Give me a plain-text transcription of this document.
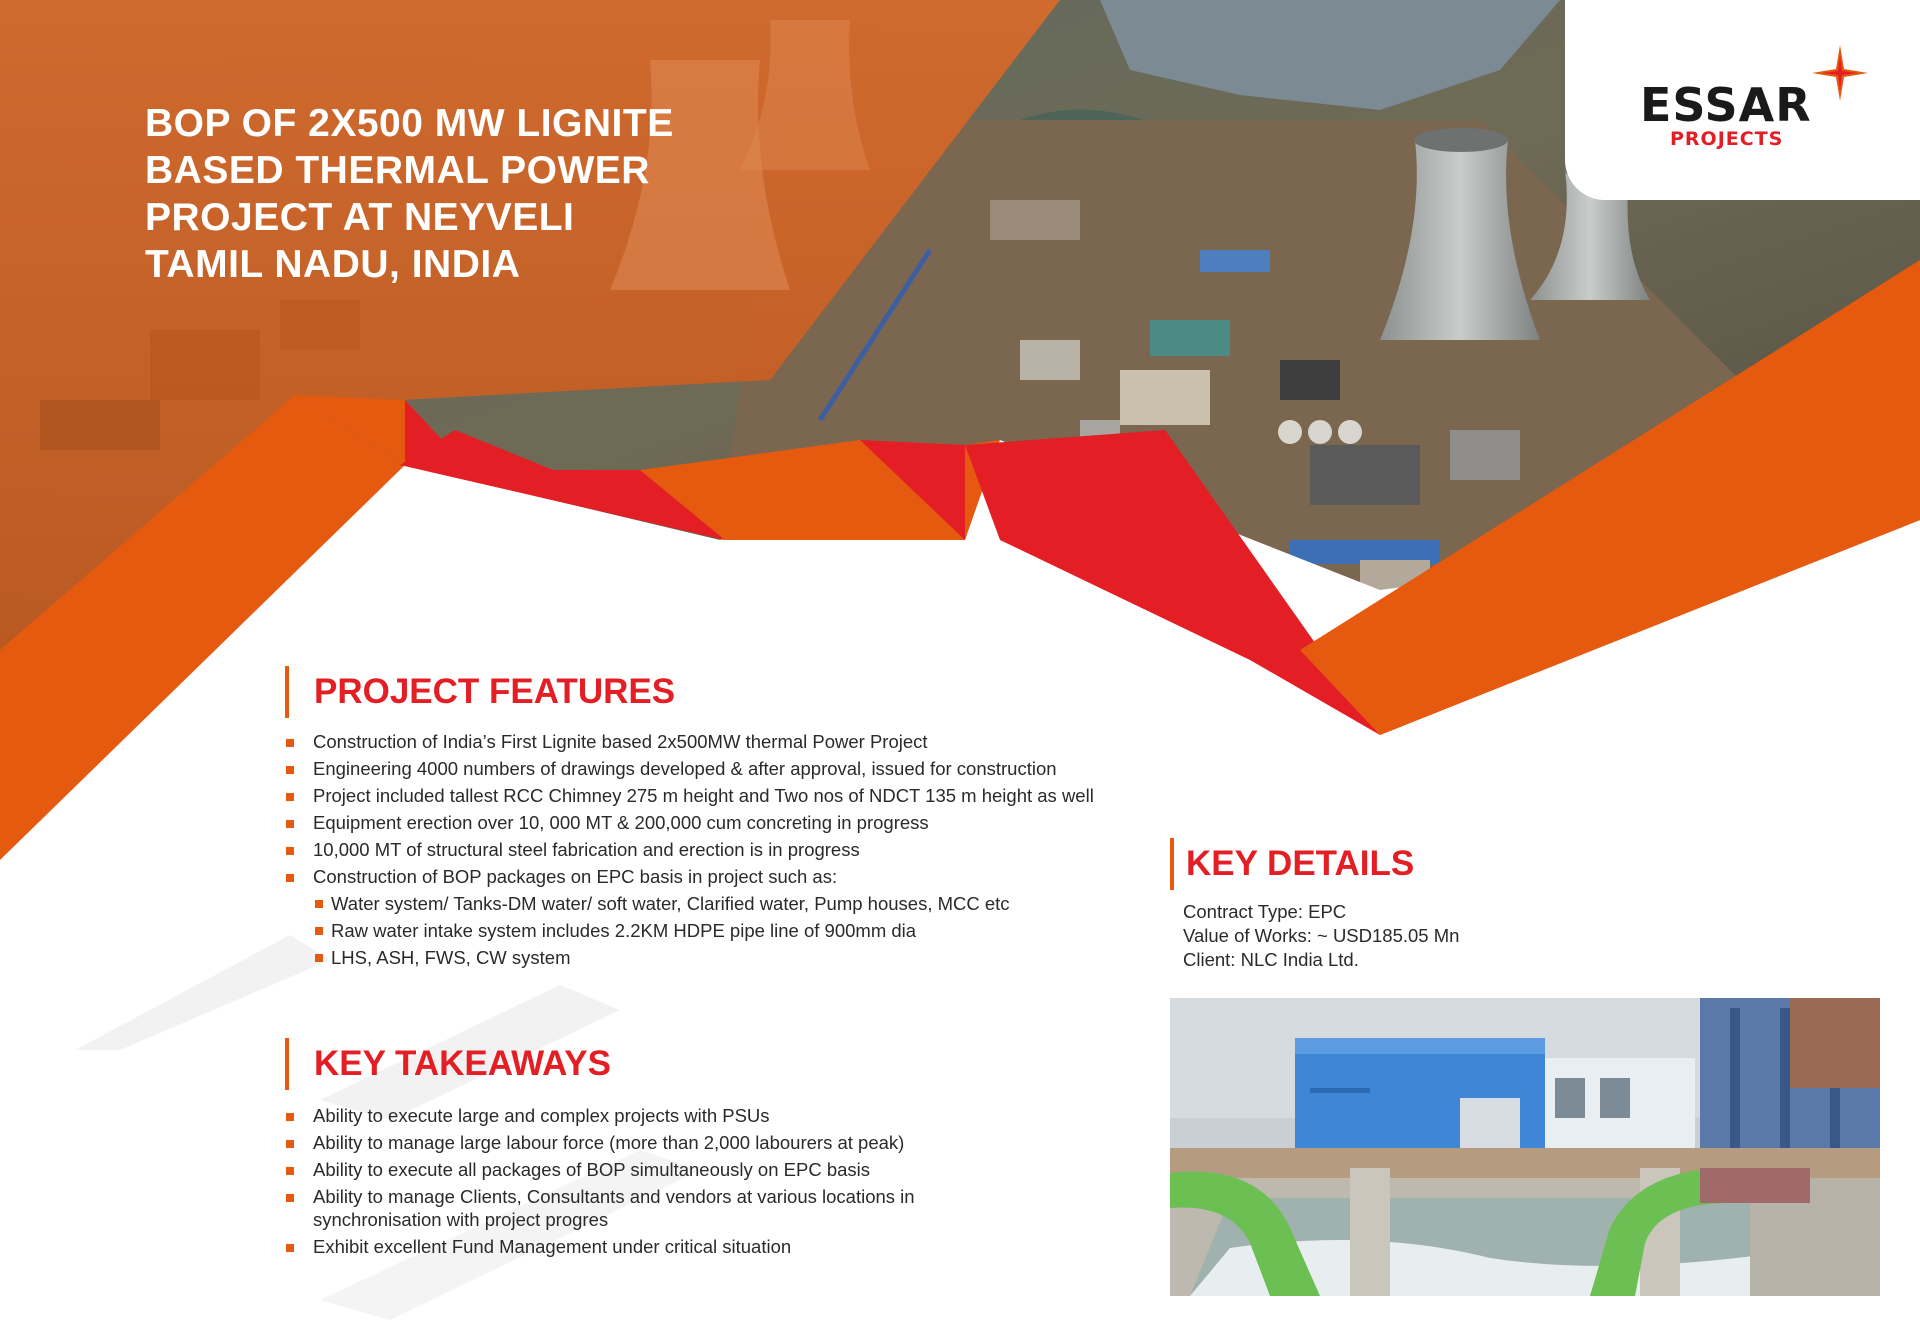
BOP OF 2X500 MW LIGNITE
BASED THERMAL POWER
PROJECT AT NEYVELI
TAMIL NADU, INDIA
ESSAR
PROJECTS
PROJECT FEATURES
Construction of India’s First Lignite based 2x500MW thermal Power Project
Engineering 4000 numbers of drawings developed & after approval, issued for construction
Project included tallest RCC Chimney 275 m height and Two nos of NDCT 135 m height as well
Equipment erection over 10, 000 MT & 200,000 cum concreting in progress
10,000 MT of structural steel fabrication and erection is in progress
Construction of BOP packages on EPC basis in project such as:
Water system/ Tanks-DM water/ soft water, Clarified water, Pump houses, MCC etc
Raw water intake system includes 2.2KM HDPE pipe line of 900mm dia
LHS, ASH, FWS, CW system
KEY TAKEAWAYS
Ability to execute large and complex projects with PSUs
Ability to manage large labour force (more than 2,000 labourers at peak)
Ability to execute all packages of BOP simultaneously on EPC basis
Ability to manage Clients, Consultants and vendors at various locations in synchronisation with project progres
Exhibit excellent Fund Management under critical situation
KEY DETAILS
Contract Type: EPC
Value of Works: ~ USD185.05 Mn
Client: NLC India Ltd.
